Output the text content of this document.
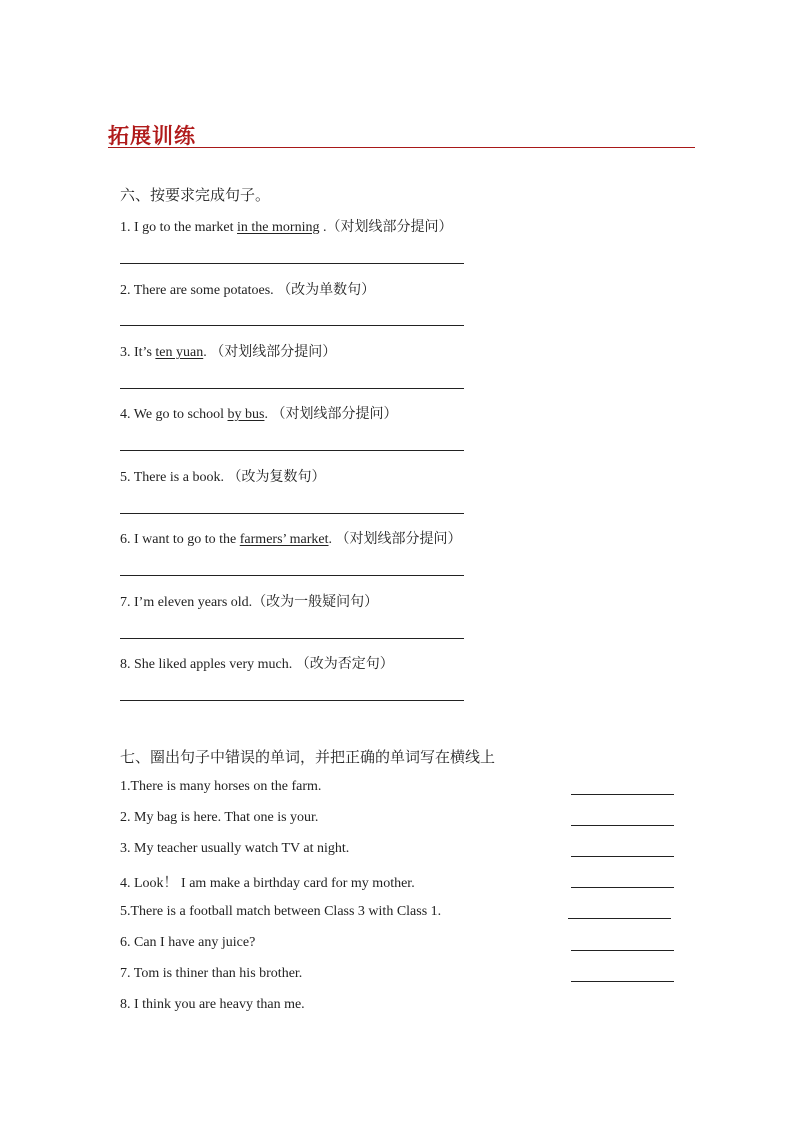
拓展训练
六、按要求完成句子。
1. I go to the market in the morning .（对划线部分提问）
2. There are some potatoes. （改为单数句）
3. It’s ten yuan. （对划线部分提问）
4. We go to school by bus. （对划线部分提问）
5. There is a book. （改为复数句）
6. I want to go to the farmers’ market. （对划线部分提问）
7. I’m eleven years old.（改为一般疑问句）
8. She liked apples very much. （改为否定句）
七、圈出句子中错误的单词，并把正确的单词写在横线上
1.There is many horses on the farm.
2. My bag is here. That one is your.
3. My teacher usually watch TV at night.
4. Look！ I am make a birthday card for my mother.
5.There is a football match between Class 3 with Class 1.
6. Can I have any juice?
7. Tom is thiner than his brother.
8. I think you are heavy than me.
